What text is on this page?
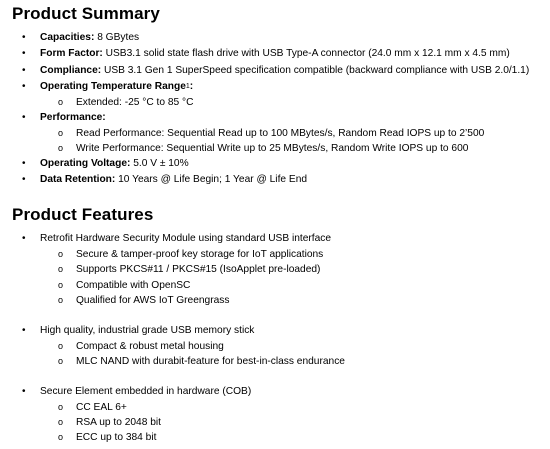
Product Summary
• Capacities: 8 GBytes
• Form Factor: USB3.1 solid state flash drive with USB Type-A connector (24.0 mm x 12.1 mm x 4.5 mm)
• Compliance: USB 3.1 Gen 1 SuperSpeed specification compatible (backward compliance with USB 2.0/1.1)
• Operating Temperature Range$^1$:
o Extended: -25 °C to 85 °C
• Performance:
o Read Performance: Sequential Read up to 100 MBytes/s, Random Read IOPS up to 2’500
o Write Performance: Sequential Write up to 25 MBytes/s, Random Write IOPS up to 600
• Operating Voltage: 5.0 V ± 10%
• Data Retention: 10 Years @ Life Begin; 1 Year @ Life End
Product Features
• Retrofit Hardware Security Module using standard USB interface
o Secure & tamper-proof key storage for IoT applications
o Supports PKCS#11 / PKCS#15 (IsoApplet pre-loaded)
o Compatible with OpenSC
o Qualified for AWS IoT Greengrass
• High quality, industrial grade USB memory stick
o Compact & robust metal housing
o MLC NAND with durabit-feature for best-in-class endurance
• Secure Element embedded in hardware (COB)
o CC EAL 6+
o RSA up to 2048 bit
o ECC up to 384 bit
